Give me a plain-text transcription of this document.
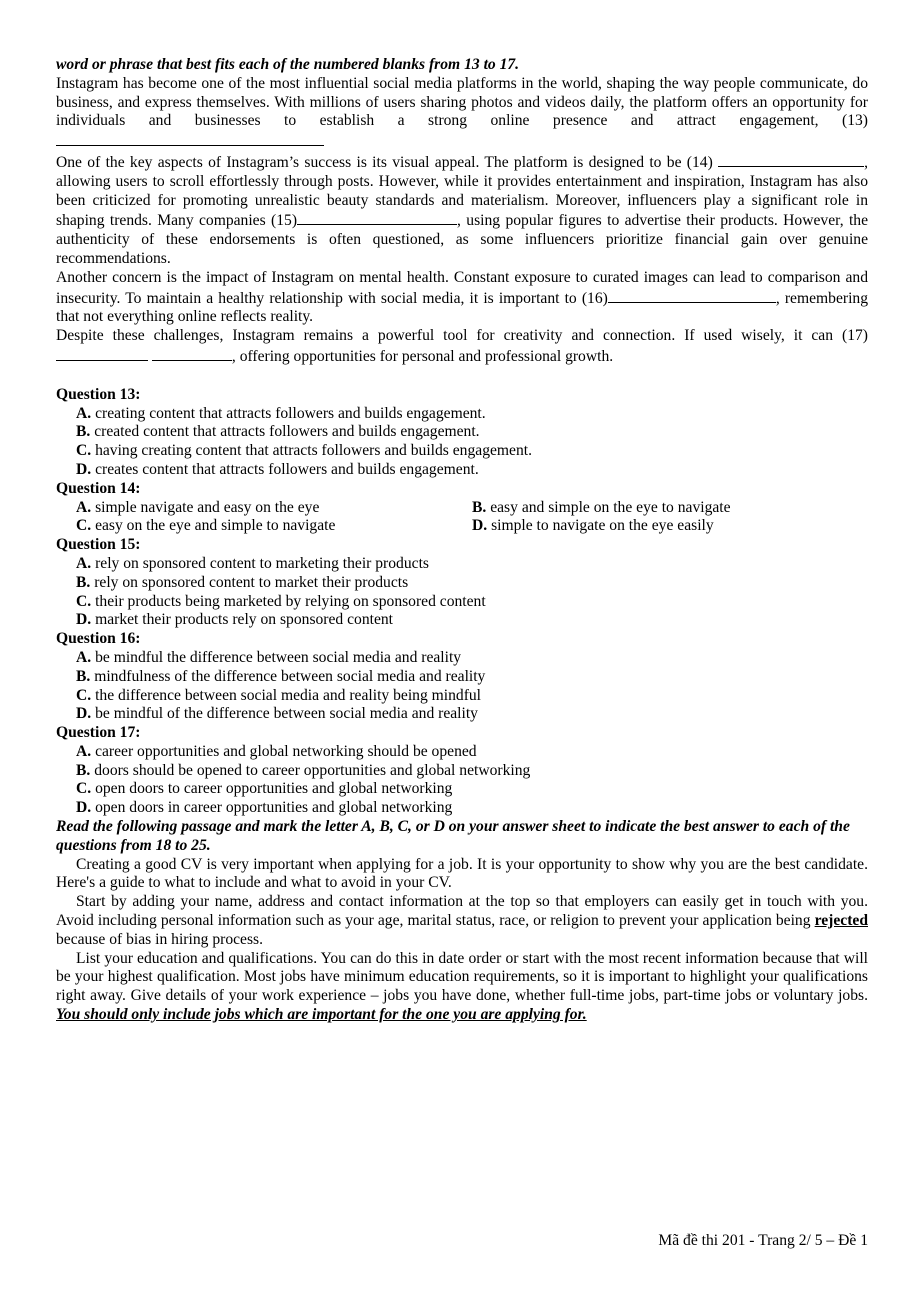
word or phrase that best fits each of the numbered blanks from 13 to 17.

Instagram has become one of the most influential social media platforms in the world, shaping the way people communicate, do business, and express themselves. With millions of users sharing photos and videos daily, the platform offers an opportunity for individuals and businesses to establish a strong online presence and attract engagement, (13)

One of the key aspects of Instagram’s success is its visual appeal. The platform is designed to be (14)	, allowing users to scroll effortlessly through posts. However, while it provides entertainment and inspiration, Instagram has also been criticized for promoting unrealistic beauty standards and materialism. Moreover, influencers play a significant role in shaping trends. Many companies (15)	, using popular figures to advertise their products. However, the authenticity of these endorsements is often questioned, as some influencers prioritize financial gain over genuine recommendations.

Another concern is the impact of Instagram on mental health. Constant exposure to curated images can lead to comparison and insecurity. To maintain a healthy relationship with social media, it is important to (16)	, remembering that not everything online reflects reality.

Despite these challenges, Instagram remains a powerful tool for creativity and connection. If used wisely, it can (17) , offering opportunities for personal and professional growth.

Question 13:

A. creating content that attracts followers and builds engagement.

B. created content that attracts followers and builds engagement.

C. having creating content that attracts followers and builds engagement.

D. creates content that attracts followers and builds engagement.

Question 14:

A. simple navigate and easy on the eye	B. easy and simple on the eye to navigate
C. easy on the eye and simple to navigate	D. simple to navigate on the eye easily

Question 15:

A. rely on sponsored content to marketing their products

B. rely on sponsored content to market their products

C. their products being marketed by relying on sponsored content

D. market their products rely on sponsored content

Question 16:

A. be mindful the difference between social media and reality

B. mindfulness of the difference between social media and reality

C. the difference between social media and reality being mindful

D. be mindful of the difference between social media and reality

Question 17:

A. career opportunities and global networking should be opened

B. doors should be opened to career opportunities and global networking

C. open doors to career opportunities and global networking

D. open doors in career opportunities and global networking

Read the following passage and mark the letter A, B, C, or D on your answer sheet to indicate the best answer to each of the questions from 18 to 25.

Creating a good CV is very important when applying for a job. It is your opportunity to show why you are the best candidate. Here's a guide to what to include and what to avoid in your CV.

Start by adding your name, address and contact information at the top so that employers can easily get in touch with you. Avoid including personal information such as your age, marital status, race, or religion to prevent your application being rejected because of bias in hiring process.

List your education and qualifications. You can do this in date order or start with the most recent information because that will be your highest qualification. Most jobs have minimum education requirements, so it is important to highlight your qualifications right away. Give details of your work experience – jobs you have done, whether full-time jobs, part-time jobs or voluntary jobs. You should only include jobs which are important for the one you are applying for.

Mã đề thi 201 - Trang 2/ 5 – Đề 1
